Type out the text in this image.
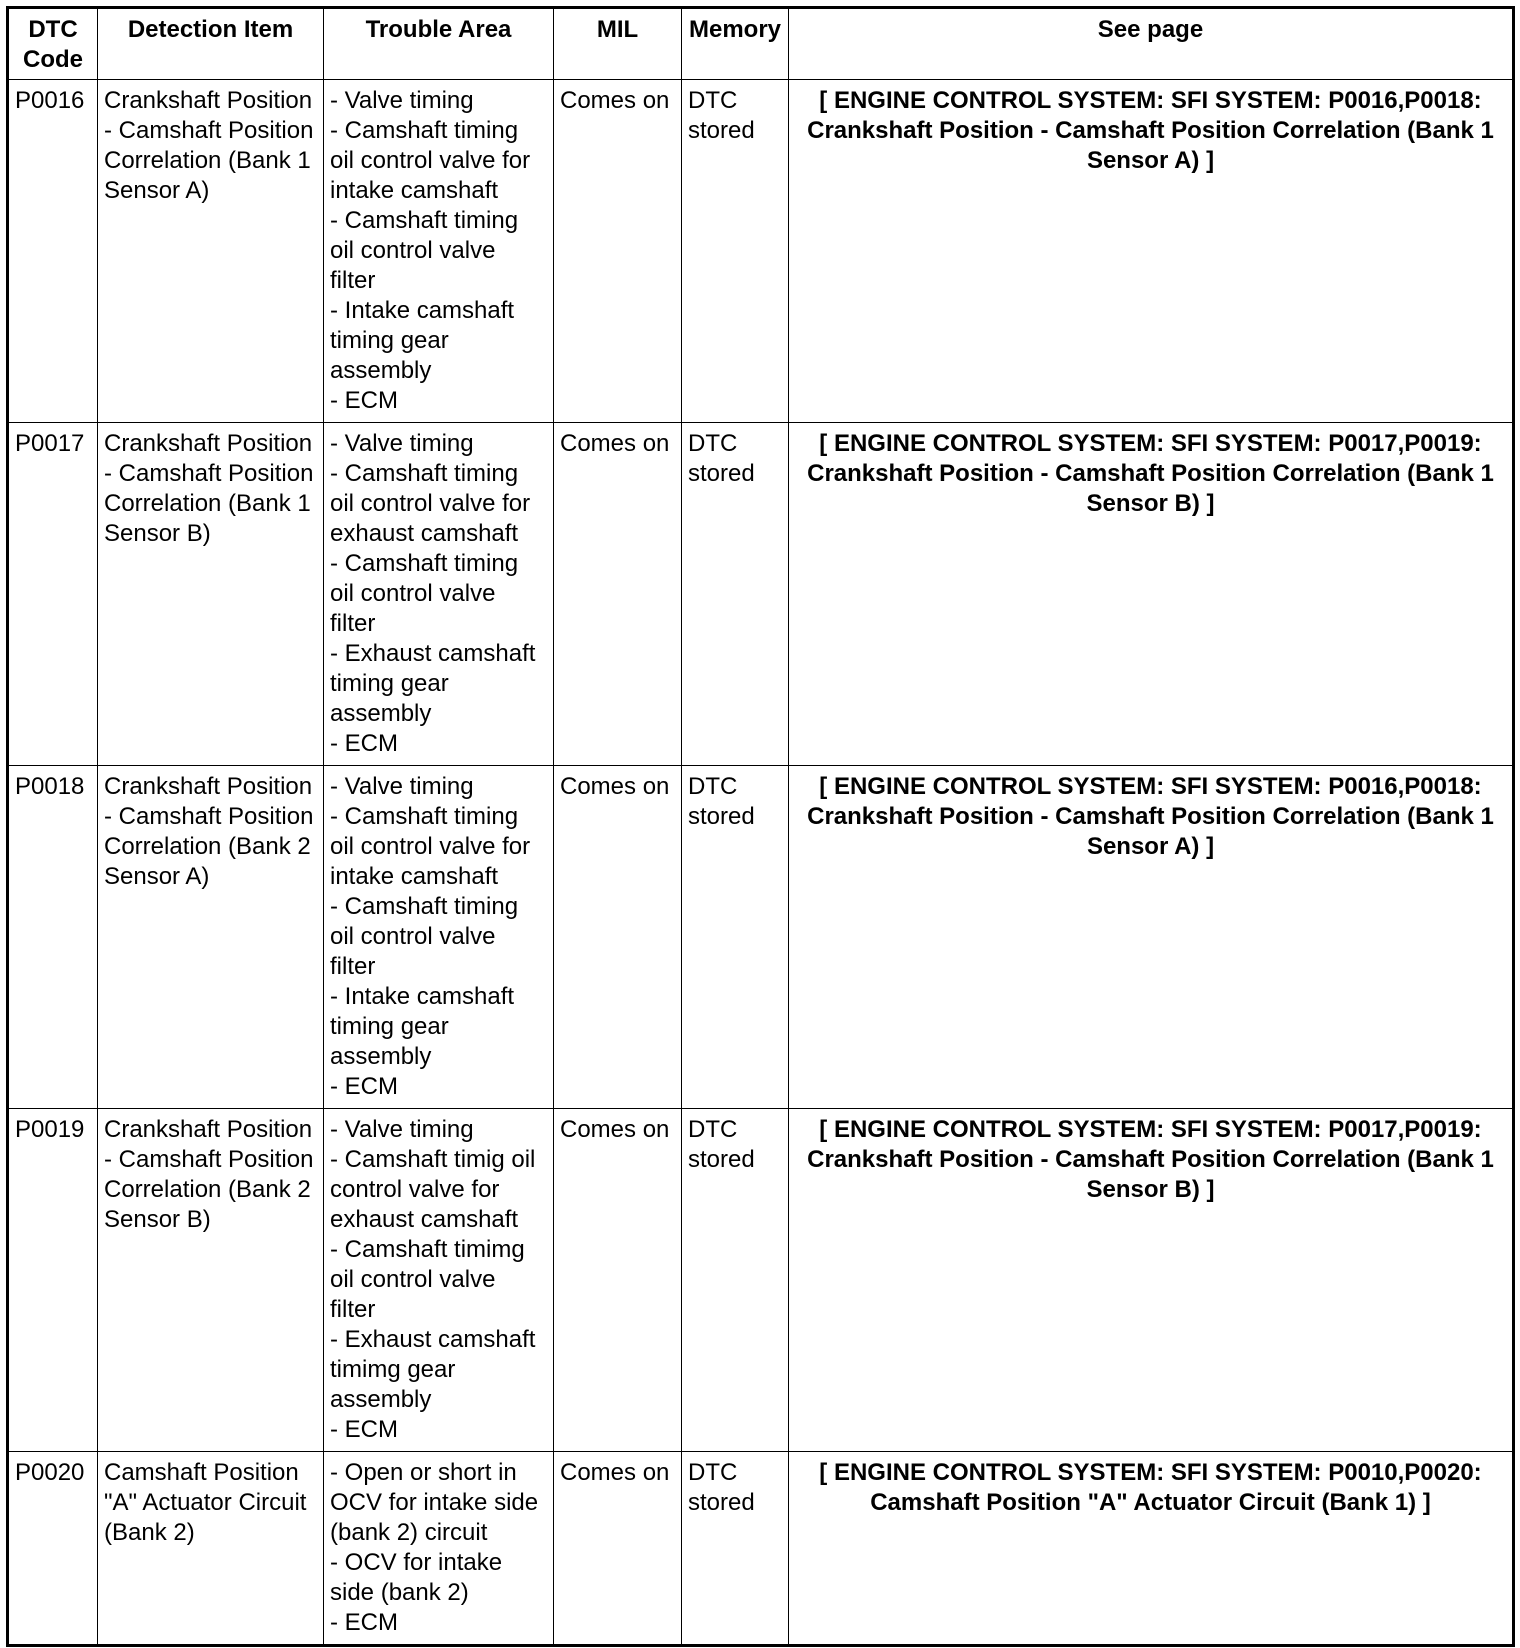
DTC
Code	Detection Item	Trouble Area	MIL	Memory	See page
P0016	Crankshaft Position - Camshaft Position Correlation (Bank 1 Sensor A)	- Valve timing
- Camshaft timing oil control valve for intake camshaft
- Camshaft timing oil control valve filter
- Intake camshaft timing gear assembly
- ECM	Comes on	DTC stored	[ ENGINE CONTROL SYSTEM: SFI SYSTEM: P0016,P0018: Crankshaft Position - Camshaft Position Correlation (Bank 1 Sensor A) ]
P0017	Crankshaft Position - Camshaft Position Correlation (Bank 1 Sensor B)	- Valve timing
- Camshaft timing oil control valve for exhaust camshaft
- Camshaft timing oil control valve filter
- Exhaust camshaft timing gear assembly
- ECM	Comes on	DTC stored	[ ENGINE CONTROL SYSTEM: SFI SYSTEM: P0017,P0019: Crankshaft Position - Camshaft Position Correlation (Bank 1 Sensor B) ]
P0018	Crankshaft Position - Camshaft Position Correlation (Bank 2 Sensor A)	- Valve timing
- Camshaft timing oil control valve for intake camshaft
- Camshaft timing oil control valve filter
- Intake camshaft timing gear assembly
- ECM	Comes on	DTC stored	[ ENGINE CONTROL SYSTEM: SFI SYSTEM: P0016,P0018: Crankshaft Position - Camshaft Position Correlation (Bank 1 Sensor A) ]
P0019	Crankshaft Position - Camshaft Position Correlation (Bank 2 Sensor B)	- Valve timing
- Camshaft timig oil control valve for exhaust camshaft
- Camshaft timimg oil control valve filter
- Exhaust camshaft timimg gear assembly
- ECM	Comes on	DTC stored	[ ENGINE CONTROL SYSTEM: SFI SYSTEM: P0017,P0019: Crankshaft Position - Camshaft Position Correlation (Bank 1 Sensor B) ]
P0020	Camshaft Position "A" Actuator Circuit (Bank 2)	- Open or short in OCV for intake side (bank 2) circuit
- OCV for intake side (bank 2)
- ECM	Comes on	DTC stored	[ ENGINE CONTROL SYSTEM: SFI SYSTEM: P0010,P0020: Camshaft Position "A" Actuator Circuit (Bank 1) ]
